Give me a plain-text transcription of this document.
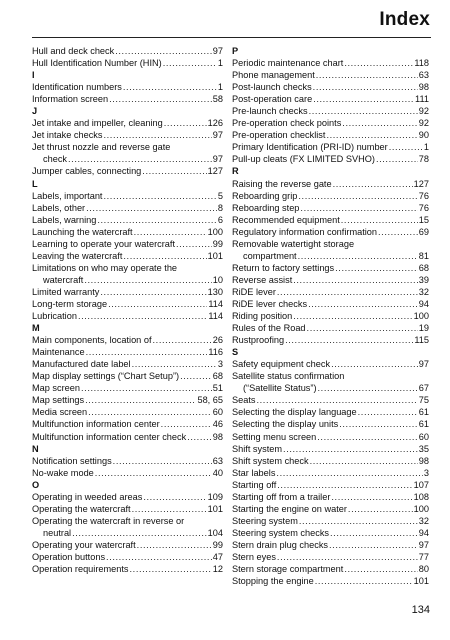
Index
Hull and deck check .....	97
Hull Identification Number (HIN) .....	1
I
Identification numbers .....	1
Information screen .....	58
J
Jet intake and impeller, cleaning .....	126
Jet intake checks .....	97
Jet thrust nozzle and reverse gate
check .....	97
Jumper cables, connecting .....	127
L
Labels, important .....	5
Labels, other .....	8
Labels, warning .....	6
Launching the watercraft .....	100
Learning to operate your watercraft .....	99
Leaving the watercraft .....	101
Limitations on who may operate the
watercraft .....	10
Limited warranty .....	130
Long-term storage .....	114
Lubrication .....	114
M
Main components, location of .....	26
Maintenance .....	116
Manufactured date label .....	3
Map display settings (“Chart Setup”) .....	68
Map screen .....	51
Map settings .....	58, 65
Media screen .....	60
Multifunction information center .....	46
Multifunction information center check .....	98
N
Notification settings .....	63
No-wake mode .....	40
O
Operating in weeded areas .....	109
Operating the watercraft .....	101
Operating the watercraft in reverse or
neutral .....	104
Operating your watercraft .....	99
Operation buttons .....	47
Operation requirements .....	12
P
Periodic maintenance chart .....	118
Phone management .....	63
Post-launch checks .....	98
Post-operation care .....	111
Pre-launch checks .....	92
Pre-operation check points .....	92
Pre-operation checklist .....	90
Primary Identification (PRI-ID) number .....	1
Pull-up cleats (FX LIMITED SVHO) .....	78
R
Raising the reverse gate .....	127
Reboarding grip .....	76
Reboarding step .....	76
Recommended equipment .....	15
Regulatory information confirmation .....	69
Removable watertight storage
compartment .....	81
Return to factory settings .....	68
Reverse assist .....	39
RiDE lever .....	32
RiDE lever checks .....	94
Riding position .....	100
Rules of the Road .....	19
Rustproofing .....	115
S
Safety equipment check .....	97
Satellite status confirmation
(“Satellite Status”) .....	67
Seats .....	75
Selecting the display language .....	61
Selecting the display units .....	61
Setting menu screen .....	60
Shift system .....	35
Shift system check .....	98
Star labels .....	3
Starting off .....	107
Starting off from a trailer .....	108
Starting the engine on water .....	100
Steering system .....	32
Steering system checks .....	94
Stern drain plug checks .....	97
Stern eyes .....	77
Stern storage compartment .....	80
Stopping the engine .....	101
134
